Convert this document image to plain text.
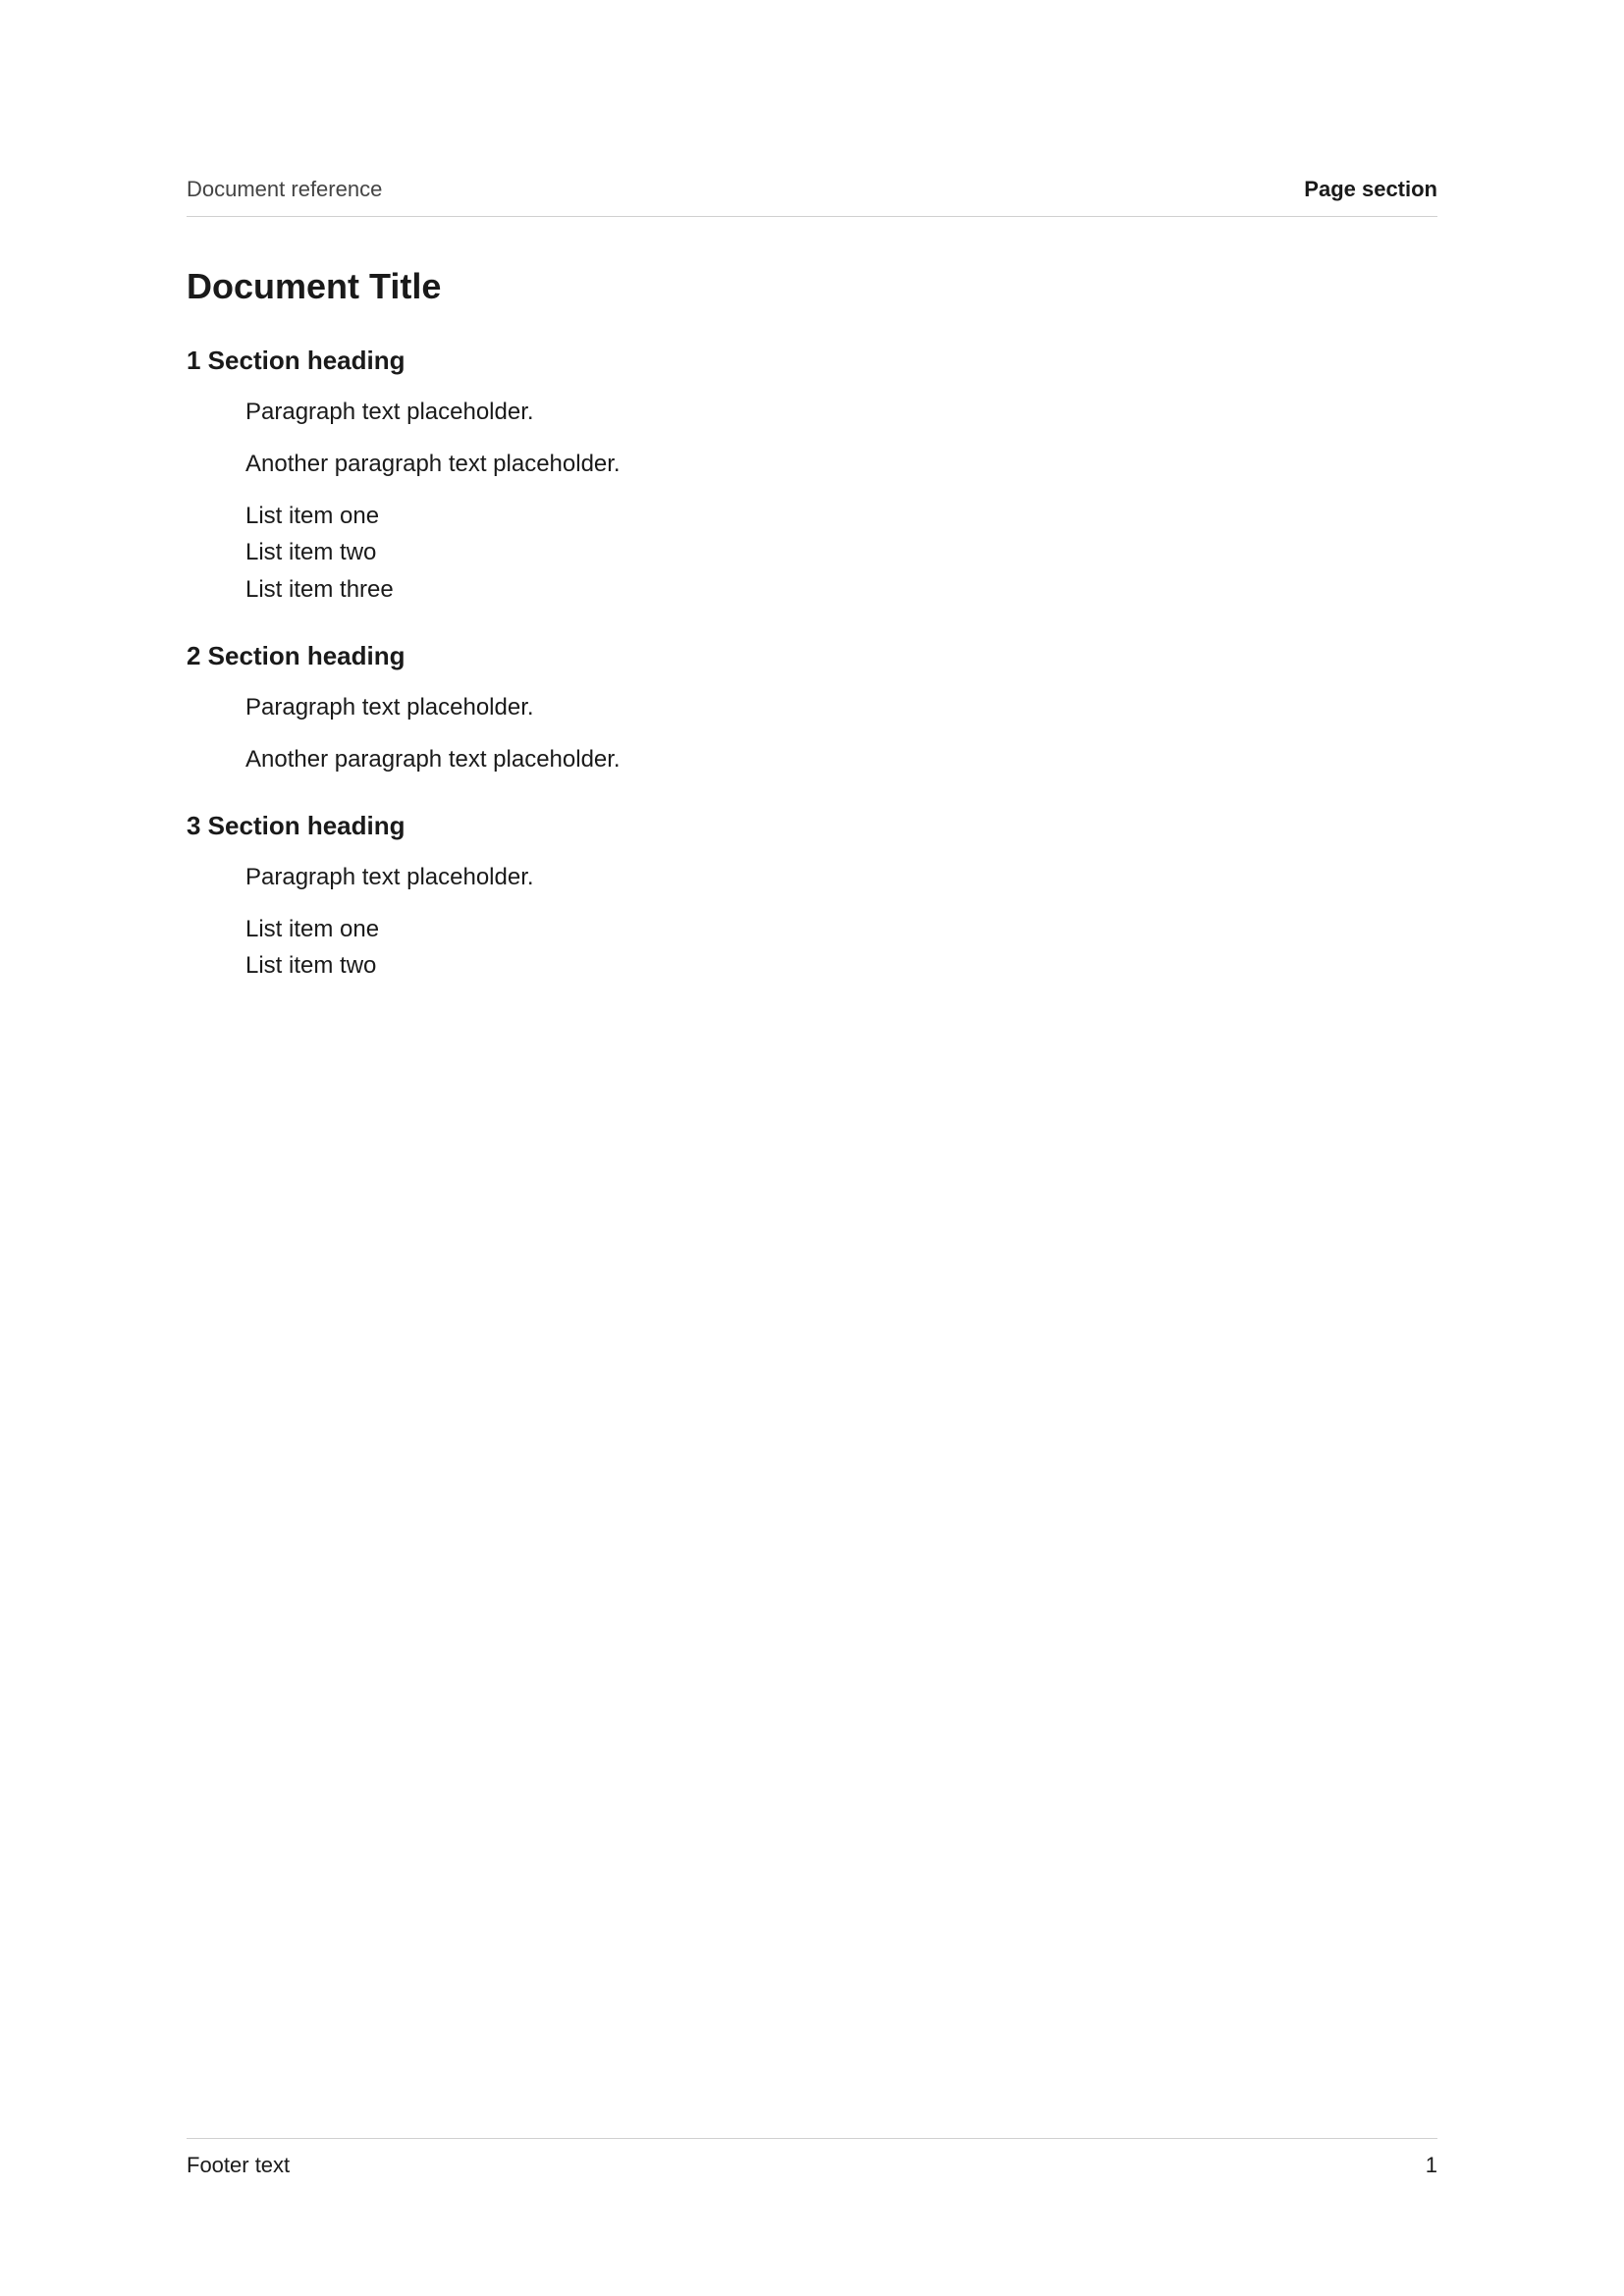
Document reference	Page section
Document Title
1 Section heading

Paragraph text placeholder.

Another paragraph text placeholder.

List item one
List item two
List item three
2 Section heading

Paragraph text placeholder.

Another paragraph text placeholder.

3 Section heading

Paragraph text placeholder.

List item one
List item two
Footer text	1
